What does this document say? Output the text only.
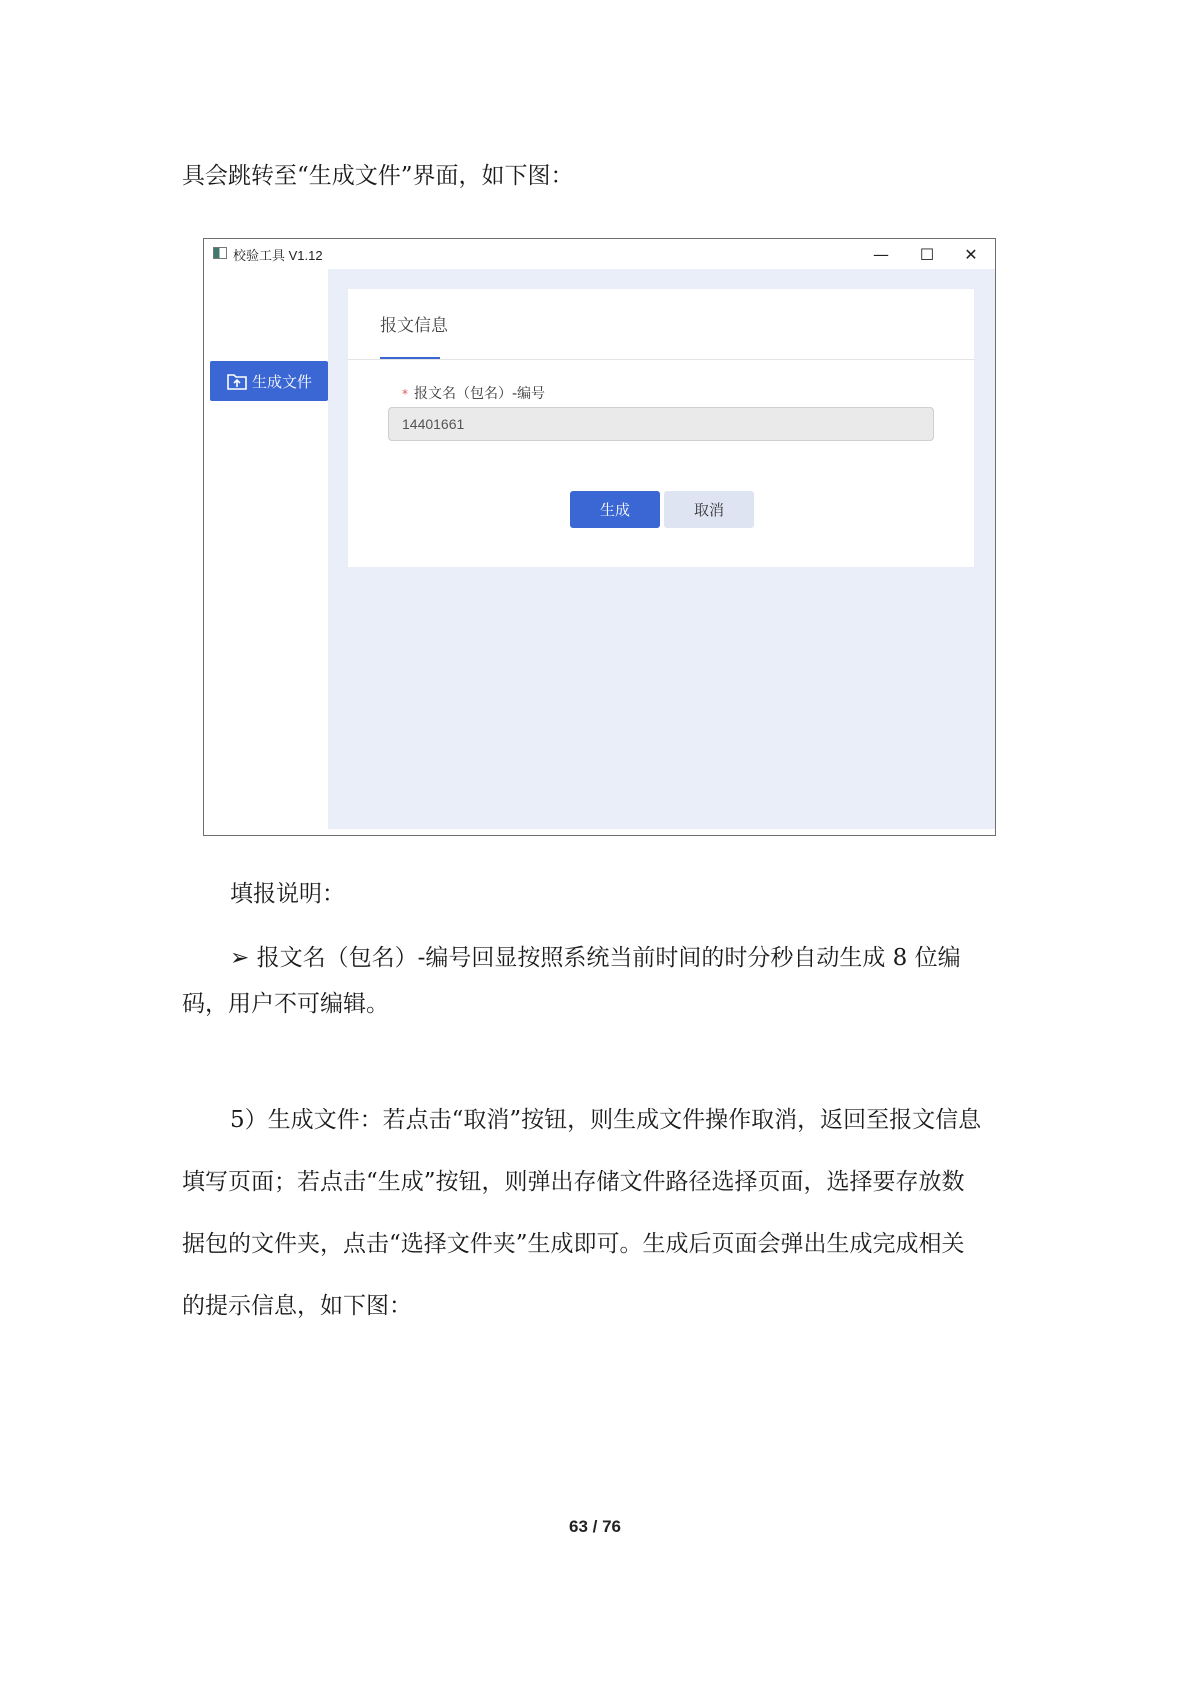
具会跳转至“生成文件”界面，如下图：
校验工具 V1.12	—	☐	✕
生成文件
报文信息
* 报文名（包名）-编号
14401661
生成	取消
填报说明：
➢ 报文名（包名）-编号回显按照系统当前时间的时分秒自动生成 8 位编
码，用户不可编辑。
5）生成文件：若点击“取消”按钮，则生成文件操作取消，返回至报文信息
填写页面；若点击“生成”按钮，则弹出存储文件路径选择页面，选择要存放数
据包的文件夹，点击“选择文件夹”生成即可。生成后页面会弹出生成完成相关
的提示信息，如下图：
63 / 76
